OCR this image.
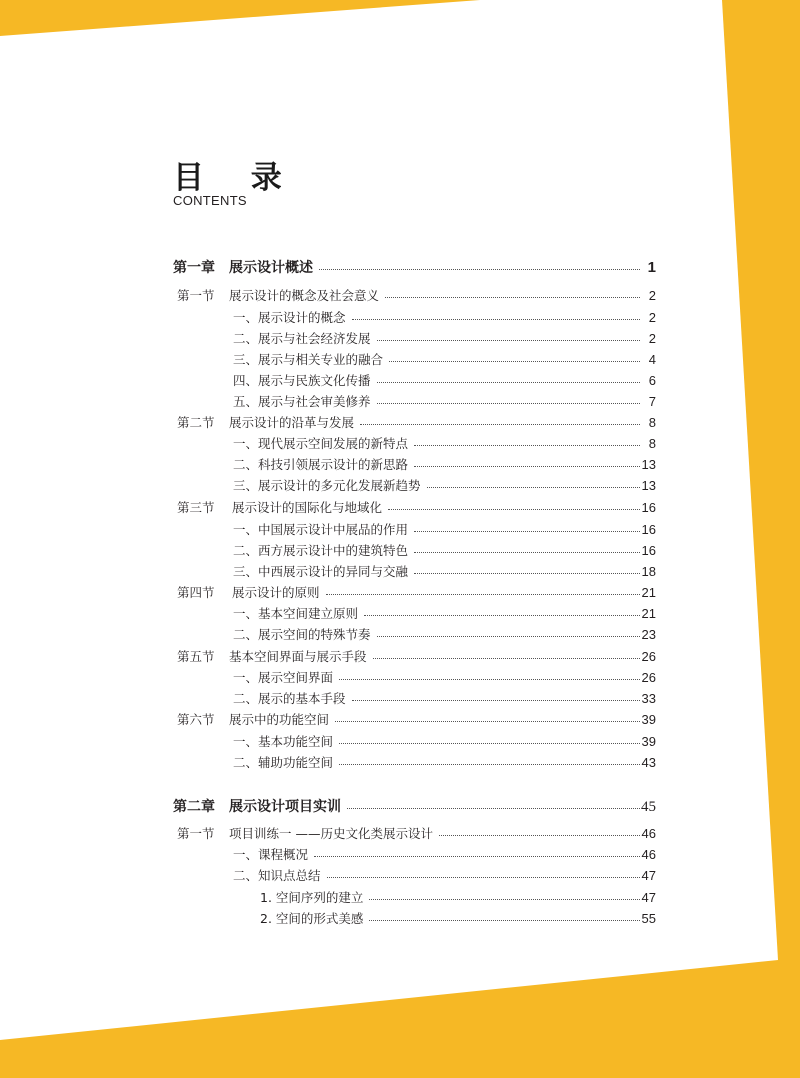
目 录
CONTENTS
第一章 展示设计概述	1
第一节 展示设计的概念及社会意义	2
一、展示设计的概念	2
二、展示与社会经济发展	2
三、展示与相关专业的融合	4
四、展示与民族文化传播	6
五、展示与社会审美修养	7
第二节 展示设计的沿革与发展	8
一、现代展示空间发展的新特点	8
二、科技引领展示设计的新思路	13
三、展示设计的多元化发展新趋势	13
第三节 展示设计的国际化与地域化	16
一、中国展示设计中展品的作用	16
二、西方展示设计中的建筑特色	16
三、中西展示设计的异同与交融	18
第四节 展示设计的原则	21
一、基本空间建立原则	21
二、展示空间的特殊节奏	23
第五节 基本空间界面与展示手段	26
一、展示空间界面	26
二、展示的基本手段	33
第六节 展示中的功能空间	39
一、基本功能空间	39
二、辅助功能空间	43
第二章 展示设计项目实训	45
第一节 项目训练一 ——历史文化类展示设计	46
一、课程概况	46
二、知识点总结	47
1. 空间序列的建立	47
2. 空间的形式美感	55
